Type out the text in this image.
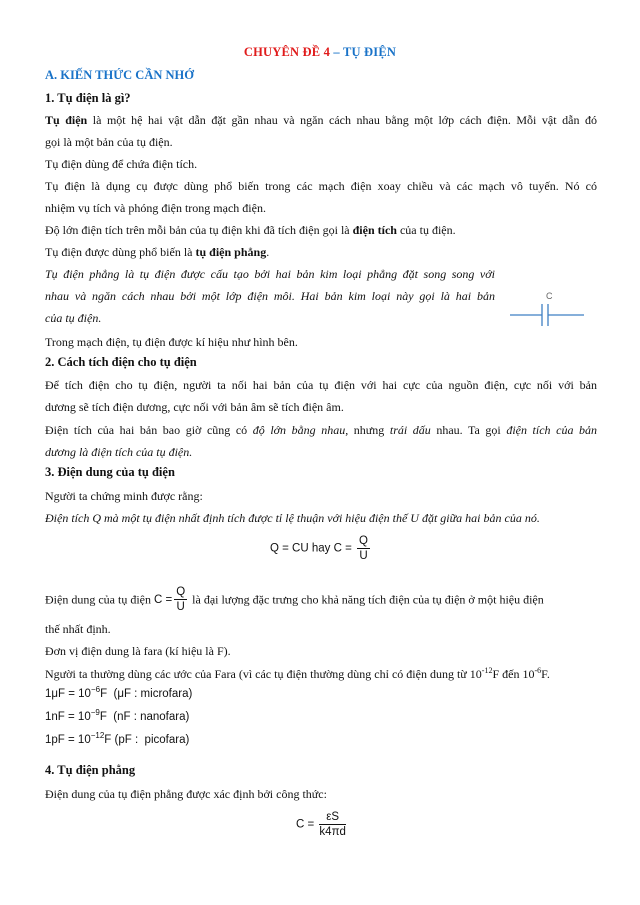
CHUYÊN ĐỀ 4 – TỤ ĐIỆN
A. KIẾN THỨC CẦN NHỚ
1. Tụ điện là gì?
Tụ điện là một hệ hai vật dẫn đặt gần nhau và ngăn cách nhau bằng một lớp cách điện. Mỗi vật dẫn đó
gọi là một bản của tụ điện.
Tụ điện dùng để chứa điện tích.
Tụ điện là dụng cụ được dùng phổ biến trong các mạch điện xoay chiều và các mạch vô tuyến. Nó có
nhiệm vụ tích và phóng điện trong mạch điện.
Độ lớn điện tích trên mỗi bản của tụ điện khi đã tích điện gọi là điện tích của tụ điện.
Tụ điện được dùng phổ biến là tụ điện phẳng.
Tụ điện phẳng là tụ điện được cấu tạo bởi hai bản kim loại phẳng đặt song song với
nhau và ngăn cách nhau bởi một lớp điện môi. Hai bản kim loại này gọi là hai bản
của tụ điện.
C
Trong mạch điện, tụ điện được kí hiệu như hình bên.
2. Cách tích điện cho tụ điện
Để tích điện cho tụ điện, người ta nối hai bản của tụ điện với hai cực của nguồn điện, cực nối với bản
dương sẽ tích điện dương, cực nối với bản âm sẽ tích điện âm.
Điện tích của hai bản bao giờ cũng có độ lớn bằng nhau, nhưng trái dấu nhau. Ta gọi điện tích của bản
dương là điện tích của tụ điện.
3. Điện dung của tụ điện
Người ta chứng minh được rằng:
Điện tích Q mà một tụ điện nhất định tích được tỉ lệ thuận với hiệu điện thế U đặt giữa hai bản của nó.
Q = CU hay $C = \frac{Q}{U}$
Điện dung của tụ điện $C = \frac{Q}{U}$ là đại lượng đặc trưng cho khả năng tích điện của tụ điện ở một hiệu điện
thế nhất định.
Đơn vị điện dung là fara (kí hiệu là F).
Người ta thường dùng các ước của Fara (vì các tụ điện thường dùng chỉ có điện dung từ $10^{-12}F$ đến $10^{-6}F$.
$1\mu F = 10^{-6}F$  (μF : microfara)
$1nF = 10^{-9}F$  (nF : nanofara)
$1pF = 10^{-12}F$ (pF :  picofara)
4. Tụ điện phẳng
Điện dung của tụ điện phẳng được xác định bởi công thức:
$C = \frac{\varepsilon S}{k4\pi d}$
